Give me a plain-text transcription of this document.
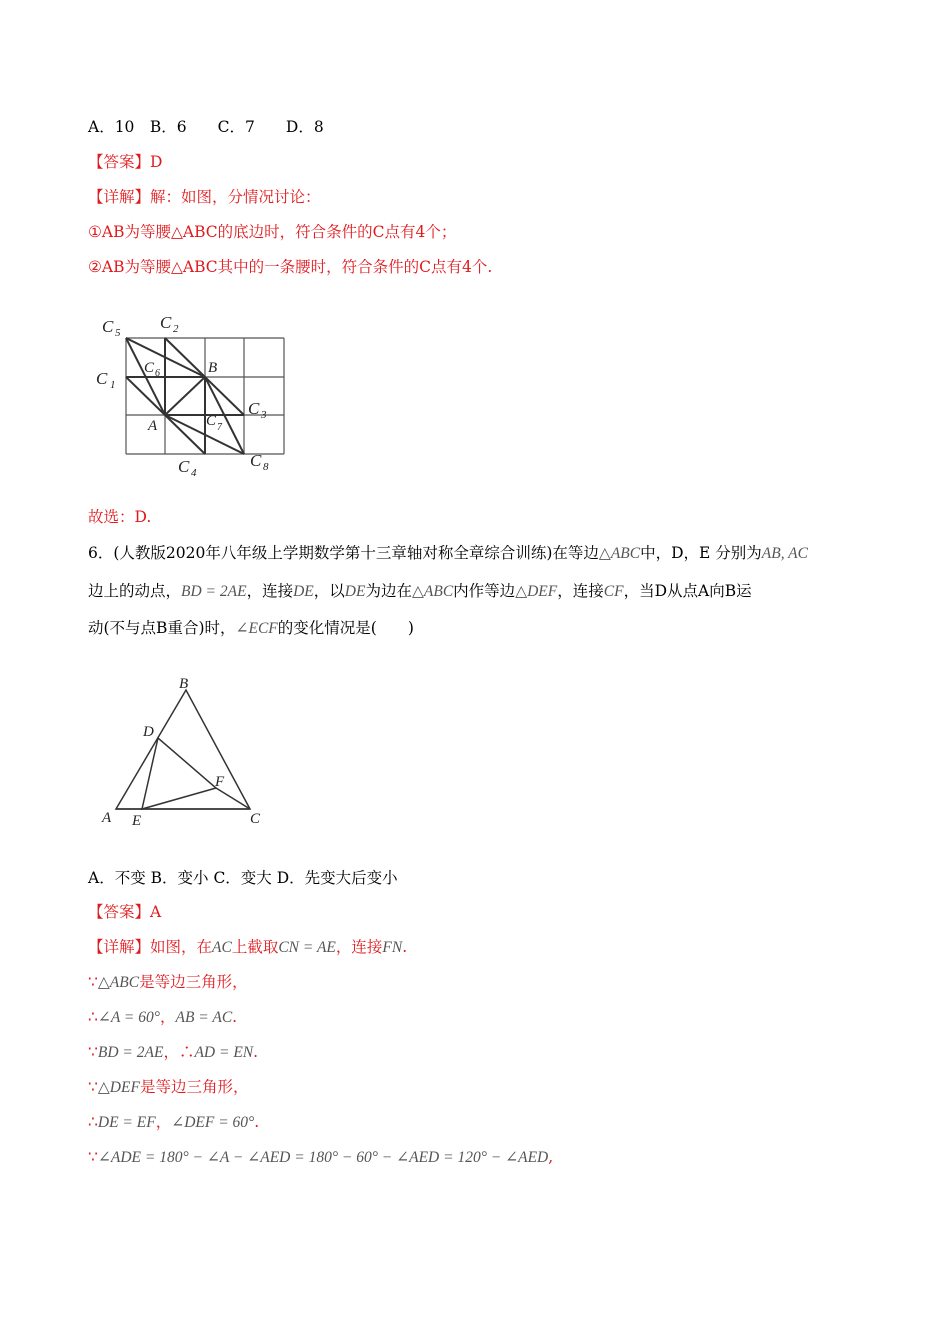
A．10　B．6　　C．7　　D．8
【答案】D
【详解】解：如图，分情况讨论：
①AB为等腰△ABC的底边时，符合条件的C点有4个；
②AB为等腰△ABC其中的一条腰时，符合条件的C点有4个.
C 5
C 2
C 1
C 6	B
C 3
A	C 7
C 4
C 8
故选：D.
6．(人教版2020年八年级上学期数学第十三章轴对称全章综合训练)在等边△ABC中，D，E 分别为AB, AC
边上的动点，BD = 2AE，连接DE，以DE为边在△ABC内作等边△DEF，连接CF，当D从点A向B运
动(不与点B重合)时，∠ECF的变化情况是(　　)
B
D
F
A E	C
A．不变 B．变小 C．变大 D．先变大后变小
【答案】A
【详解】如图，在AC上截取CN = AE，连接FN.
∵△ABC是等边三角形，
∴∠A = 60°，AB = AC.
∵BD = 2AE，∴AD = EN.
∵△DEF是等边三角形，
∴DE = EF，∠DEF = 60°.
∵∠ADE = 180° − ∠A − ∠AED = 180° − 60° − ∠AED = 120° − ∠AED,
